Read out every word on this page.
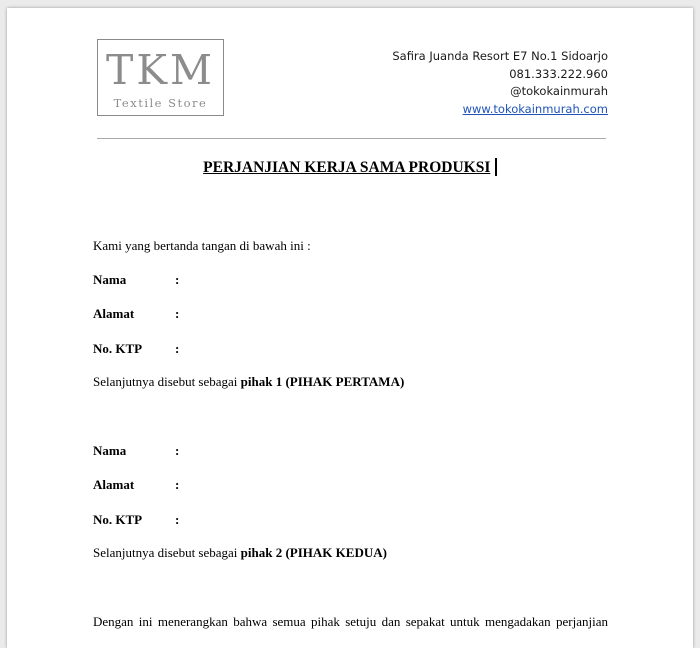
TKM
Textile Store
Safira Juanda Resort E7 No.1 Sidoarjo
081.333.222.960
@tokokainmurah
www.tokokainmurah.com
PERJANJIAN KERJA SAMA PRODUKSI
Kami yang bertanda tangan di bawah ini :
Nama	:
Alamat	:
No. KTP	:
Selanjutnya disebut sebagai pihak 1 (PIHAK PERTAMA)
Nama	:
Alamat	:
No. KTP	:
Selanjutnya disebut sebagai pihak 2 (PIHAK KEDUA)
Dengan ini menerangkan bahwa semua pihak setuju dan sepakat untuk mengadakan perjanjian
